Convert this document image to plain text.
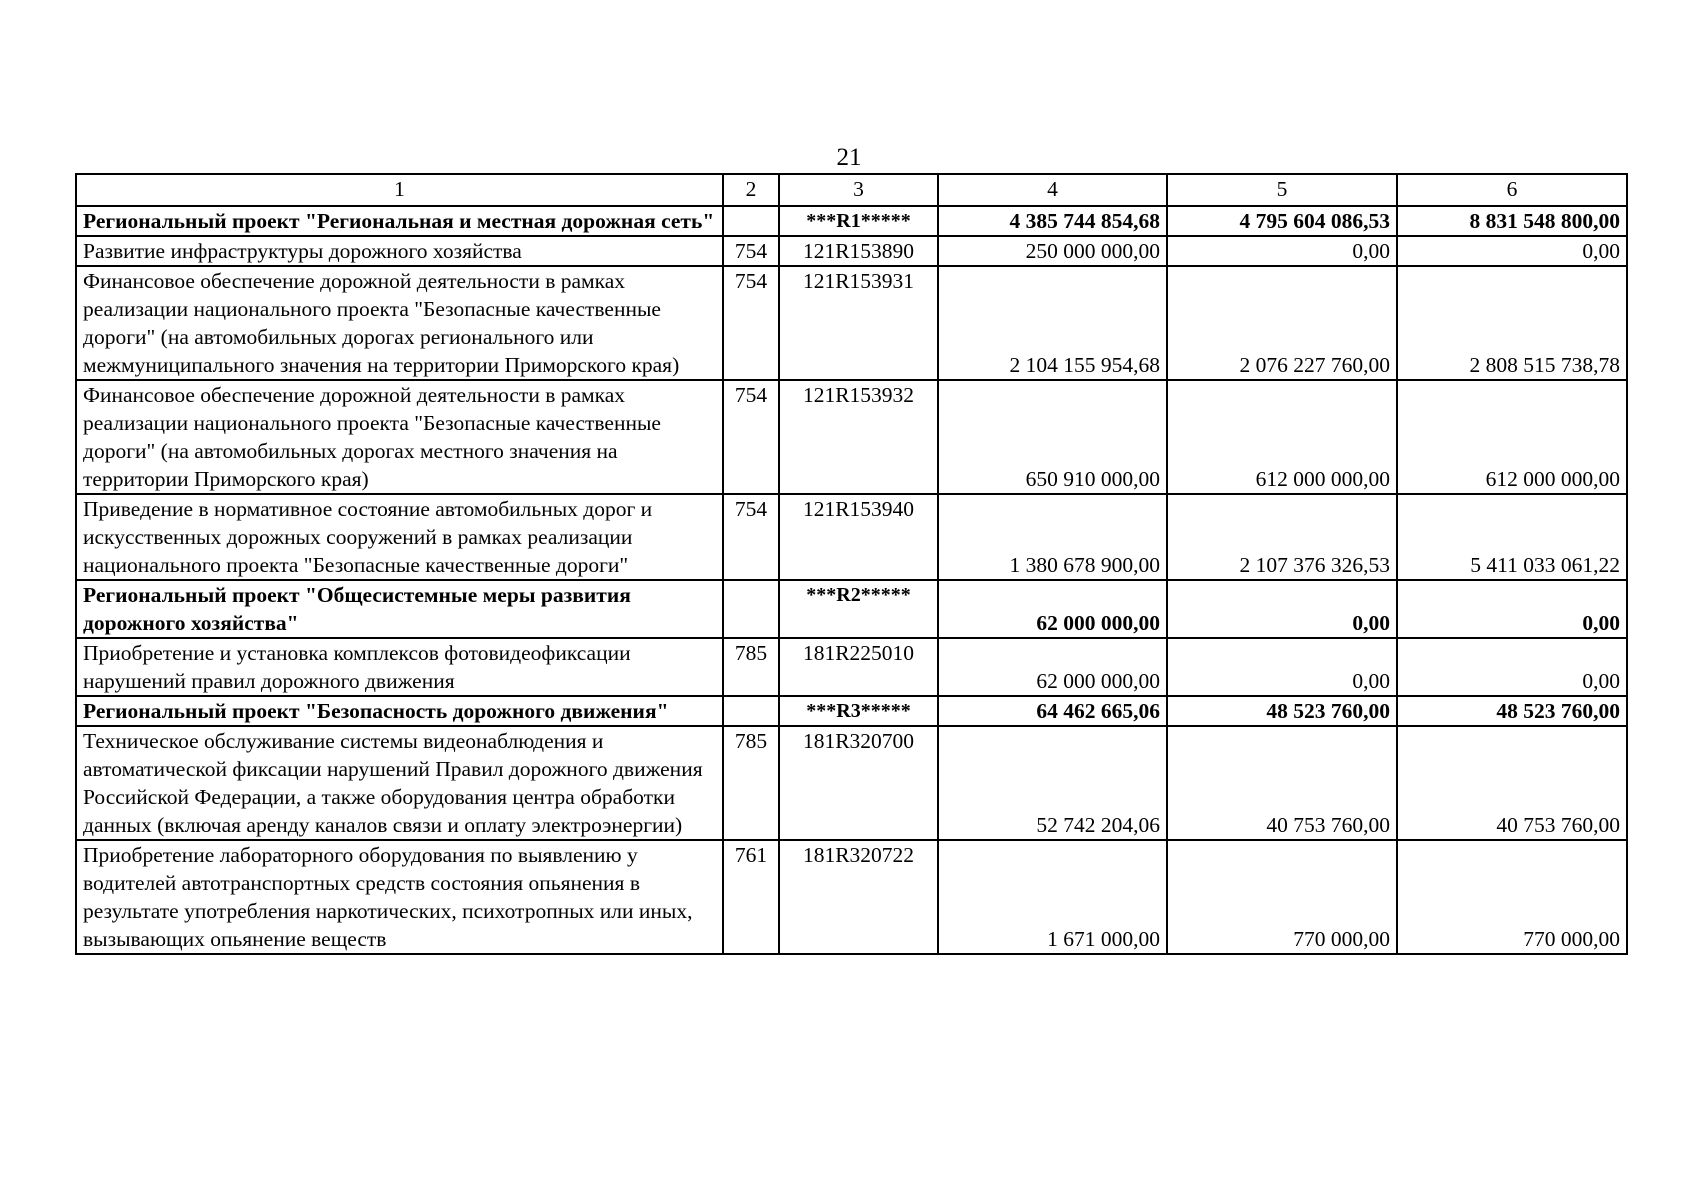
21
1	2	3	4	5	6
Региональный проект "Региональная и местная дорожная сеть"		***R1*****	4 385 744 854,68	4 795 604 086,53	8 831 548 800,00
Развитие инфраструктуры дорожного хозяйства	754	121R153890	250 000 000,00	0,00	0,00
Финансовое обеспечение дорожной деятельности в рамках реализации национального проекта "Безопасные качественные дороги" (на автомобильных дорогах регионального или межмуниципального значения на территории Приморского края)	754	121R153931	2 104 155 954,68	2 076 227 760,00	2 808 515 738,78
Финансовое обеспечение дорожной деятельности в рамках реализации национального проекта "Безопасные качественные дороги" (на автомобильных дорогах местного значения на территории Приморского края)	754	121R153932	650 910 000,00	612 000 000,00	612 000 000,00
Приведение в нормативное состояние автомобильных дорог и искусственных дорожных сооружений в рамках реализации национального проекта "Безопасные качественные дороги"	754	121R153940	1 380 678 900,00	2 107 376 326,53	5 411 033 061,22
Региональный проект "Общесистемные меры развития дорожного хозяйства"		***R2*****	62 000 000,00	0,00	0,00
Приобретение и установка комплексов фотовидеофиксации нарушений правил дорожного движения	785	181R225010	62 000 000,00	0,00	0,00
Региональный проект "Безопасность дорожного движения"		***R3*****	64 462 665,06	48 523 760,00	48 523 760,00
Техническое обслуживание системы видеонаблюдения и автоматической фиксации нарушений Правил дорожного движения Российской Федерации, а также оборудования центра обработки данных (включая аренду каналов связи и оплату электроэнергии)	785	181R320700	52 742 204,06	40 753 760,00	40 753 760,00
Приобретение лабораторного оборудования по выявлению у водителей автотранспортных средств состояния опьянения в результате употребления наркотических, психотропных или иных, вызывающих опьянение веществ	761	181R320722	1 671 000,00	770 000,00	770 000,00
